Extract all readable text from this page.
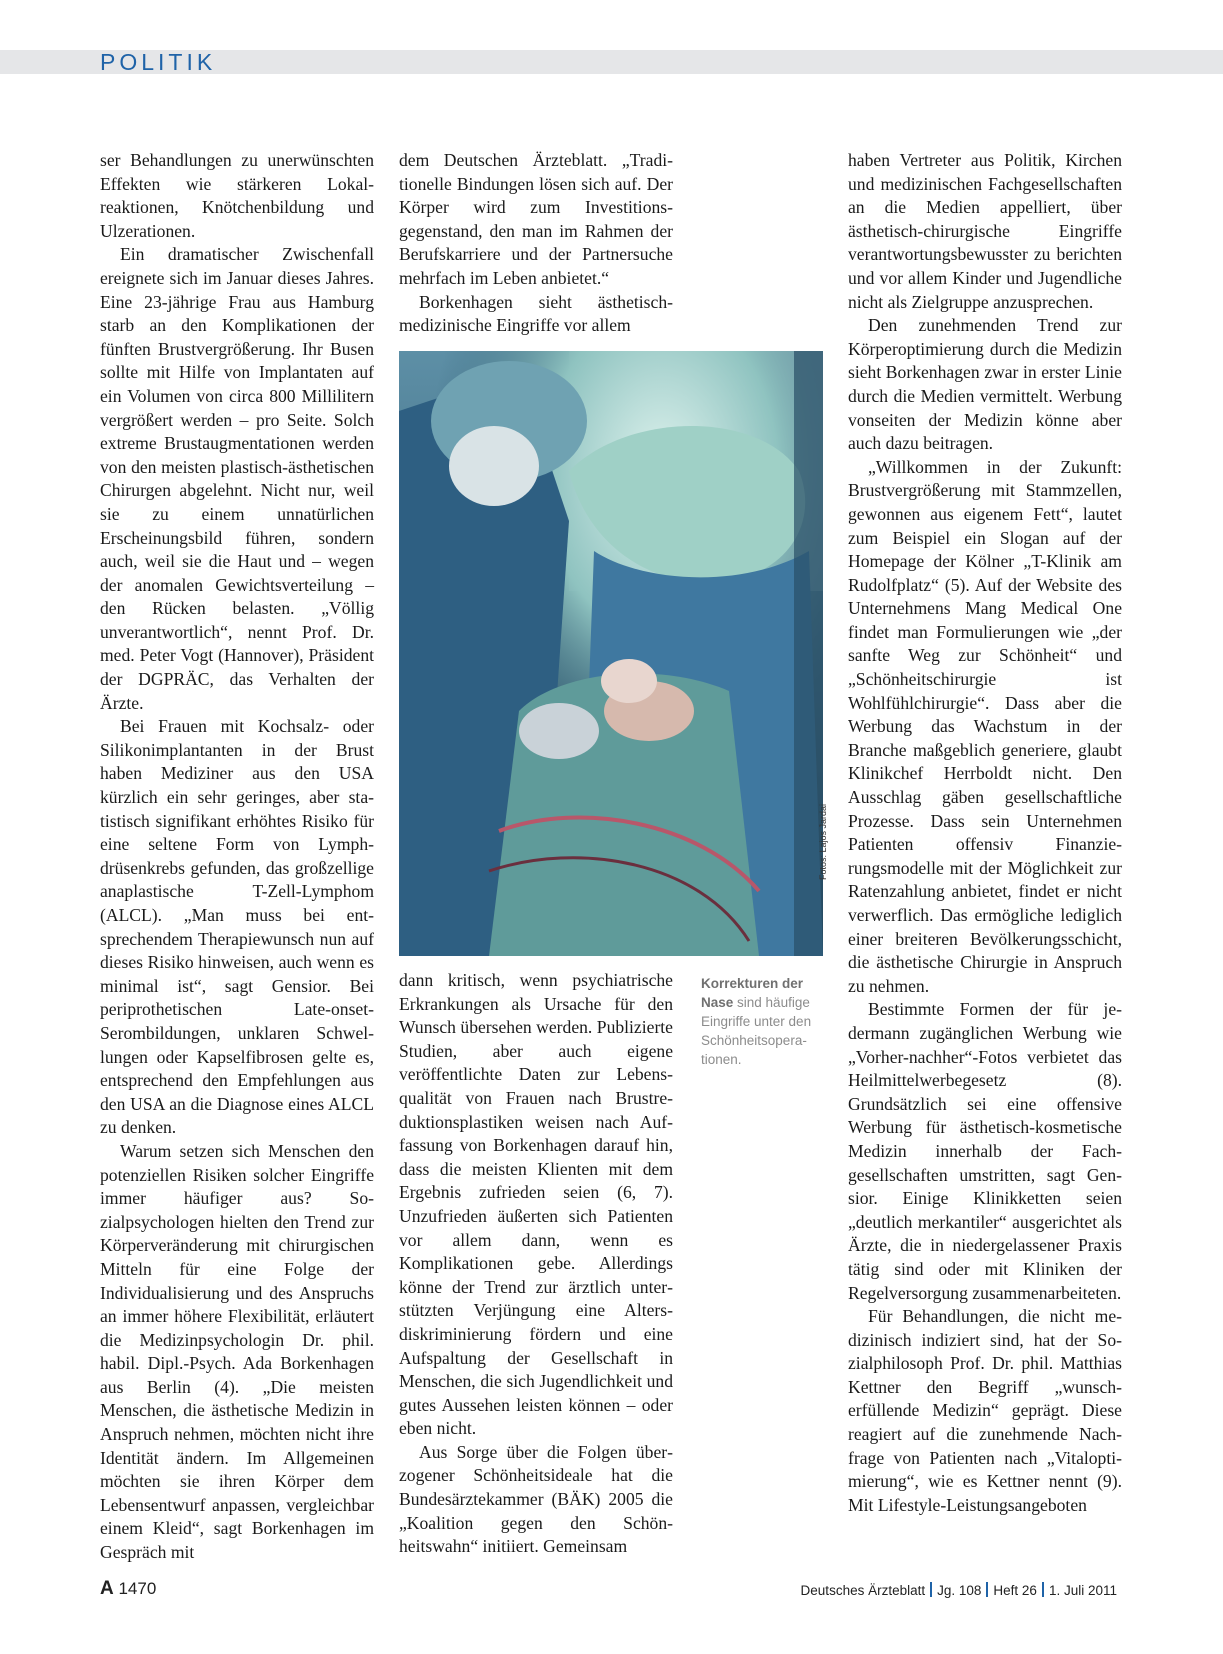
POLITIK

ser Behandlungen zu unerwünschten Effekten wie stärkeren Lokalreaktionen, Knötchenbildung und Ulzerationen.

Ein dramatischer Zwischenfall ereignete sich im Januar dieses Jahres. Eine 23-jährige Frau aus Hamburg starb an den Komplikationen der fünften Brustvergrößerung. Ihr Busen sollte mit Hilfe von Implantaten auf ein Volumen von circa 800 Millilitern vergrößert werden – pro Seite. Solch extreme Brustaugmentationen werden von den meisten plastisch-ästhetischen Chirurgen abgelehnt. Nicht nur, weil sie zu einem unnatürlichen Erscheinungsbild führen, sondern auch, weil sie die Haut und – wegen der anomalen Gewichtsverteilung – den Rücken belasten. „Völlig unverantwortlich“, nennt Prof. Dr. med. Peter Vogt (Hannover), Präsident der DGPRÄC, das Verhalten der Ärzte.

Bei Frauen mit Kochsalz- oder Silikonimplantanten in der Brust haben Mediziner aus den USA kürzlich ein sehr geringes, aber statistisch signifikant erhöhtes Risiko für eine seltene Form von Lymphdrüsenkrebs gefunden, das großzellige anaplastische T-Zell-Lymphom (ALCL). „Man muss bei entsprechendem Therapiewunsch nun auf dieses Risiko hinweisen, auch wenn es minimal ist“, sagt Gensior. Bei periprothetischen Late-onset-Serombildungen, unklaren Schwellungen oder Kapselfibrosen gelte es, entsprechend den Empfehlungen aus den USA an die Diagnose eines ALCL zu denken.

Warum setzen sich Menschen den potenziellen Risiken solcher Eingriffe immer häufiger aus? Sozialpsychologen hielten den Trend zur Körperveränderung mit chirurgischen Mitteln für eine Folge der Individualisierung und des Anspruchs an immer höhere Flexibilität, erläutert die Medizinpsychologin Dr. phil. habil. Dipl.-Psych. Ada Borkenhagen aus Berlin (4). „Die meisten Menschen, die ästhetische Medizin in Anspruch nehmen, möchten nicht ihre Identität ändern. Im Allgemeinen möchten sie ihren Körper dem Lebensentwurf anpassen, vergleichbar einem Kleid“, sagt Borkenhagen im Gespräch mit

dem Deutschen Ärzteblatt. „Traditionelle Bindungen lösen sich auf. Der Körper wird zum Investitionsgegenstand, den man im Rahmen der Berufskarriere und der Partnersuche mehrfach im Leben anbietet.“

Borkenhagen sieht ästhetisch-medizinische Eingriffe vor allem

Fotos: Lajos Jardai
Korrekturen der Nase sind häufige Eingriffe unter den Schönheitsoperationen.

dann kritisch, wenn psychiatrische Erkrankungen als Ursache für den Wunsch übersehen werden. Publizierte Studien, aber auch eigene veröffentlichte Daten zur Lebensqualität von Frauen nach Brustreduktionsplastiken weisen nach Auffassung von Borkenhagen darauf hin, dass die meisten Klienten mit dem Ergebnis zufrieden seien (6, 7). Unzufrieden äußerten sich Patienten vor allem dann, wenn es Komplikationen gebe. Allerdings könne der Trend zur ärztlich unterstützten Verjüngung eine Altersdiskriminierung fördern und eine Aufspaltung der Gesellschaft in Menschen, die sich Jugendlichkeit und gutes Aussehen leisten können – oder eben nicht.

Aus Sorge über die Folgen überzogener Schönheitsideale hat die Bundesärztekammer (BÄK) 2005 die „Koalition gegen den Schönheitswahn“ initiiert. Gemeinsam

haben Vertreter aus Politik, Kirchen und medizinischen Fachgesellschaften an die Medien appelliert, über ästhetisch-chirurgische Eingriffe verantwortungsbewusster zu berichten und vor allem Kinder und Jugendliche nicht als Zielgruppe anzusprechen.

Den zunehmenden Trend zur Körperoptimierung durch die Medizin sieht Borkenhagen zwar in erster Linie durch die Medien vermittelt. Werbung vonseiten der Medizin könne aber auch dazu beitragen.

„Willkommen in der Zukunft: Brustvergrößerung mit Stammzellen, gewonnen aus eigenem Fett“, lautet zum Beispiel ein Slogan auf der Homepage der Kölner „T-Klinik am Rudolfplatz“ (5). Auf der Website des Unternehmens Mang Medical One findet man Formulierungen wie „der sanfte Weg zur Schönheit“ und „Schönheitschirurgie ist Wohlfühlchirurgie“. Dass aber die Werbung das Wachstum in der Branche maßgeblich generiere, glaubt Klinikchef Herrboldt nicht. Den Ausschlag gäben gesellschaftliche Prozesse. Dass sein Unternehmen Patienten offensiv Finanzierungsmodelle mit der Möglichkeit zur Ratenzahlung anbietet, findet er nicht verwerflich. Das ermögliche lediglich einer breiteren Bevölkerungsschicht, die ästhetische Chirurgie in Anspruch zu nehmen.

Bestimmte Formen der für jedermann zugänglichen Werbung wie „Vorher-nachher“-Fotos verbietet das Heilmittelwerbegesetz (8). Grundsätzlich sei eine offensive Werbung für ästhetisch-kosmetische Medizin innerhalb der Fachgesellschaften umstritten, sagt Gensior. Einige Klinikketten seien „deutlich merkantiler“ ausgerichtet als Ärzte, die in niedergelassener Praxis tätig sind oder mit Kliniken der Regelversorgung zusammenarbeiteten.

Für Behandlungen, die nicht medizinisch indiziert sind, hat der Sozialphilosoph Prof. Dr. phil. Matthias Kettner den Begriff „wunscherfüllende Medizin“ geprägt. Diese reagiert auf die zunehmende Nachfrage von Patienten nach „Vitaloptimierung“, wie es Kettner nennt (9). Mit Lifestyle-Leistungsangeboten

A 1470	Deutsches Ärzteblatt Jg. 108 Heft 26 1. Juli 2011
